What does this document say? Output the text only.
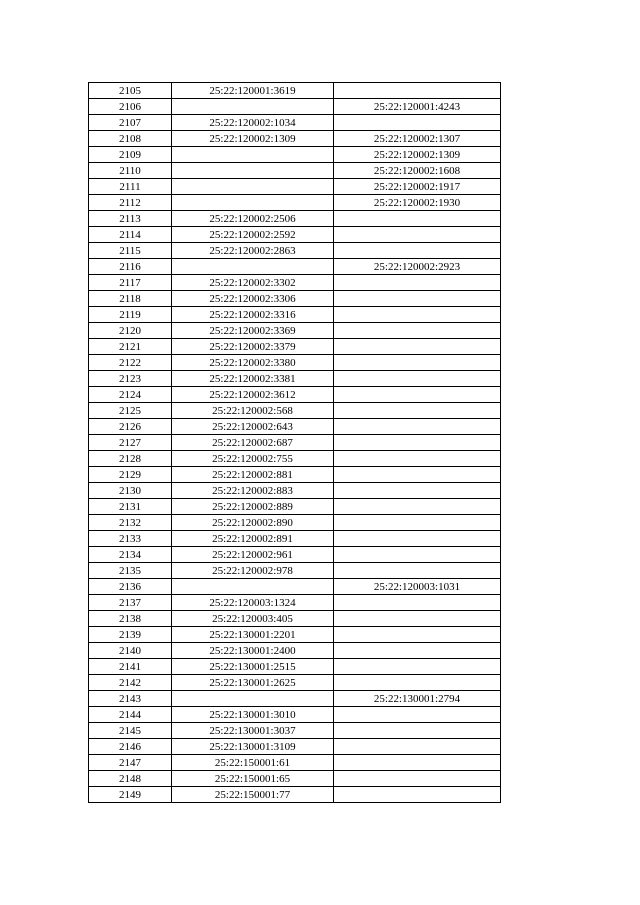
2105	25:22:120001:3619	
2106		25:22:120001:4243
2107	25:22:120002:1034	
2108	25:22:120002:1309	25:22:120002:1307
2109		25:22:120002:1309
2110		25:22:120002:1608
2111		25:22:120002:1917
2112		25:22:120002:1930
2113	25:22:120002:2506	
2114	25:22:120002:2592	
2115	25:22:120002:2863	
2116		25:22:120002:2923
2117	25:22:120002:3302	
2118	25:22:120002:3306	
2119	25:22:120002:3316	
2120	25:22:120002:3369	
2121	25:22:120002:3379	
2122	25:22:120002:3380	
2123	25:22:120002:3381	
2124	25:22:120002:3612	
2125	25:22:120002:568	
2126	25:22:120002:643	
2127	25:22:120002:687	
2128	25:22:120002:755	
2129	25:22:120002:881	
2130	25:22:120002:883	
2131	25:22:120002:889	
2132	25:22:120002:890	
2133	25:22:120002:891	
2134	25:22:120002:961	
2135	25:22:120002:978	
2136		25:22:120003:1031
2137	25:22:120003:1324	
2138	25:22:120003:405	
2139	25:22:130001:2201	
2140	25:22:130001:2400	
2141	25:22:130001:2515	
2142	25:22:130001:2625	
2143		25:22:130001:2794
2144	25:22:130001:3010	
2145	25:22:130001:3037	
2146	25:22:130001:3109	
2147	25:22:150001:61	
2148	25:22:150001:65	
2149	25:22:150001:77	
